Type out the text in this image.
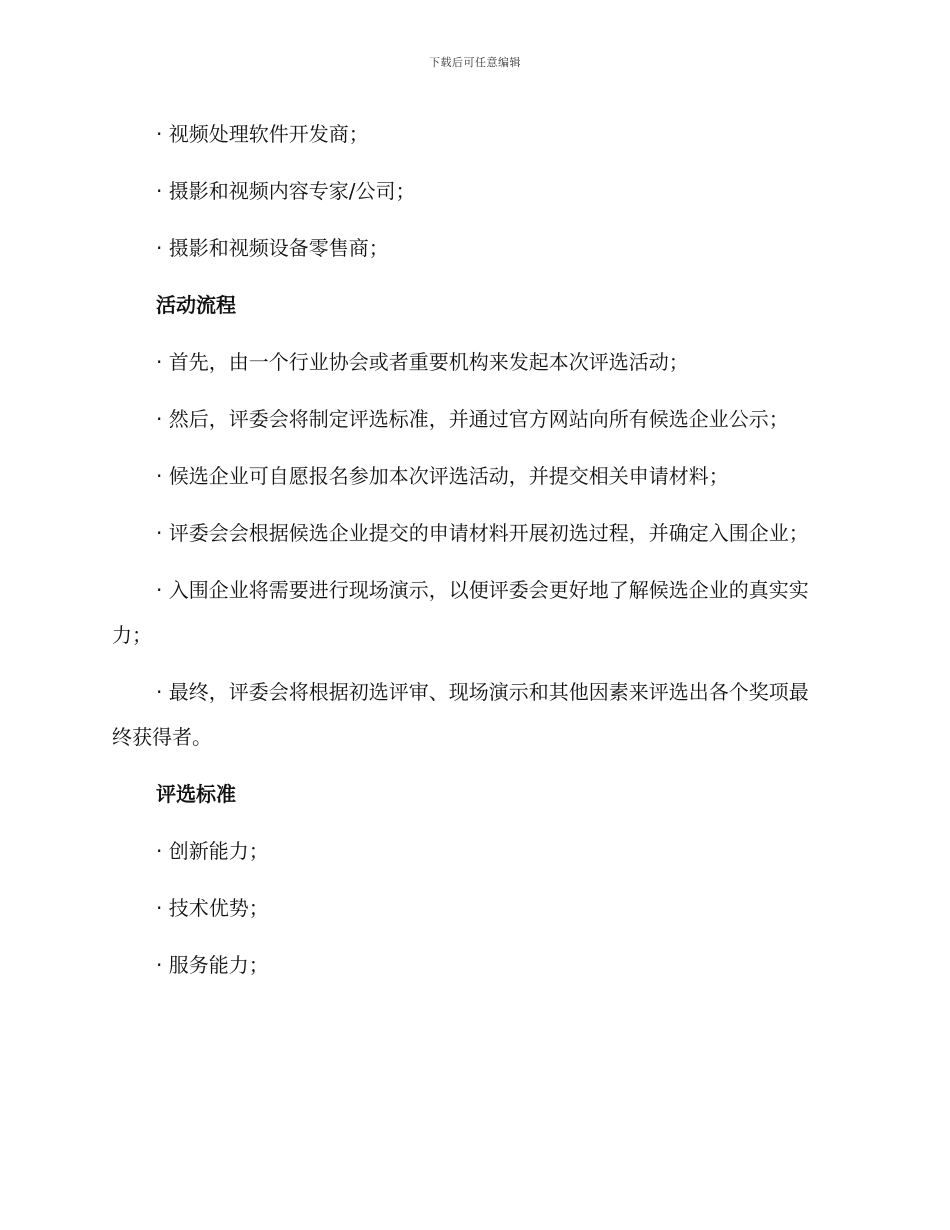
下载后可任意编辑

· 视频处理软件开发商；

· 摄影和视频内容专家/公司；

· 摄影和视频设备零售商；

活动流程

· 首先，由一个行业协会或者重要机构来发起本次评选活动；

· 然后，评委会将制定评选标准，并通过官方网站向所有候选企业公示；

· 候选企业可自愿报名参加本次评选活动，并提交相关申请材料；

· 评委会会根据候选企业提交的申请材料开展初选过程，并确定入围企业；

· 入围企业将需要进行现场演示，以便评委会更好地了解候选企业的真实实力；

· 最终，评委会将根据初选评审、现场演示和其他因素来评选出各个奖项最终获得者。

评选标准

· 创新能力；

· 技术优势；

· 服务能力；
